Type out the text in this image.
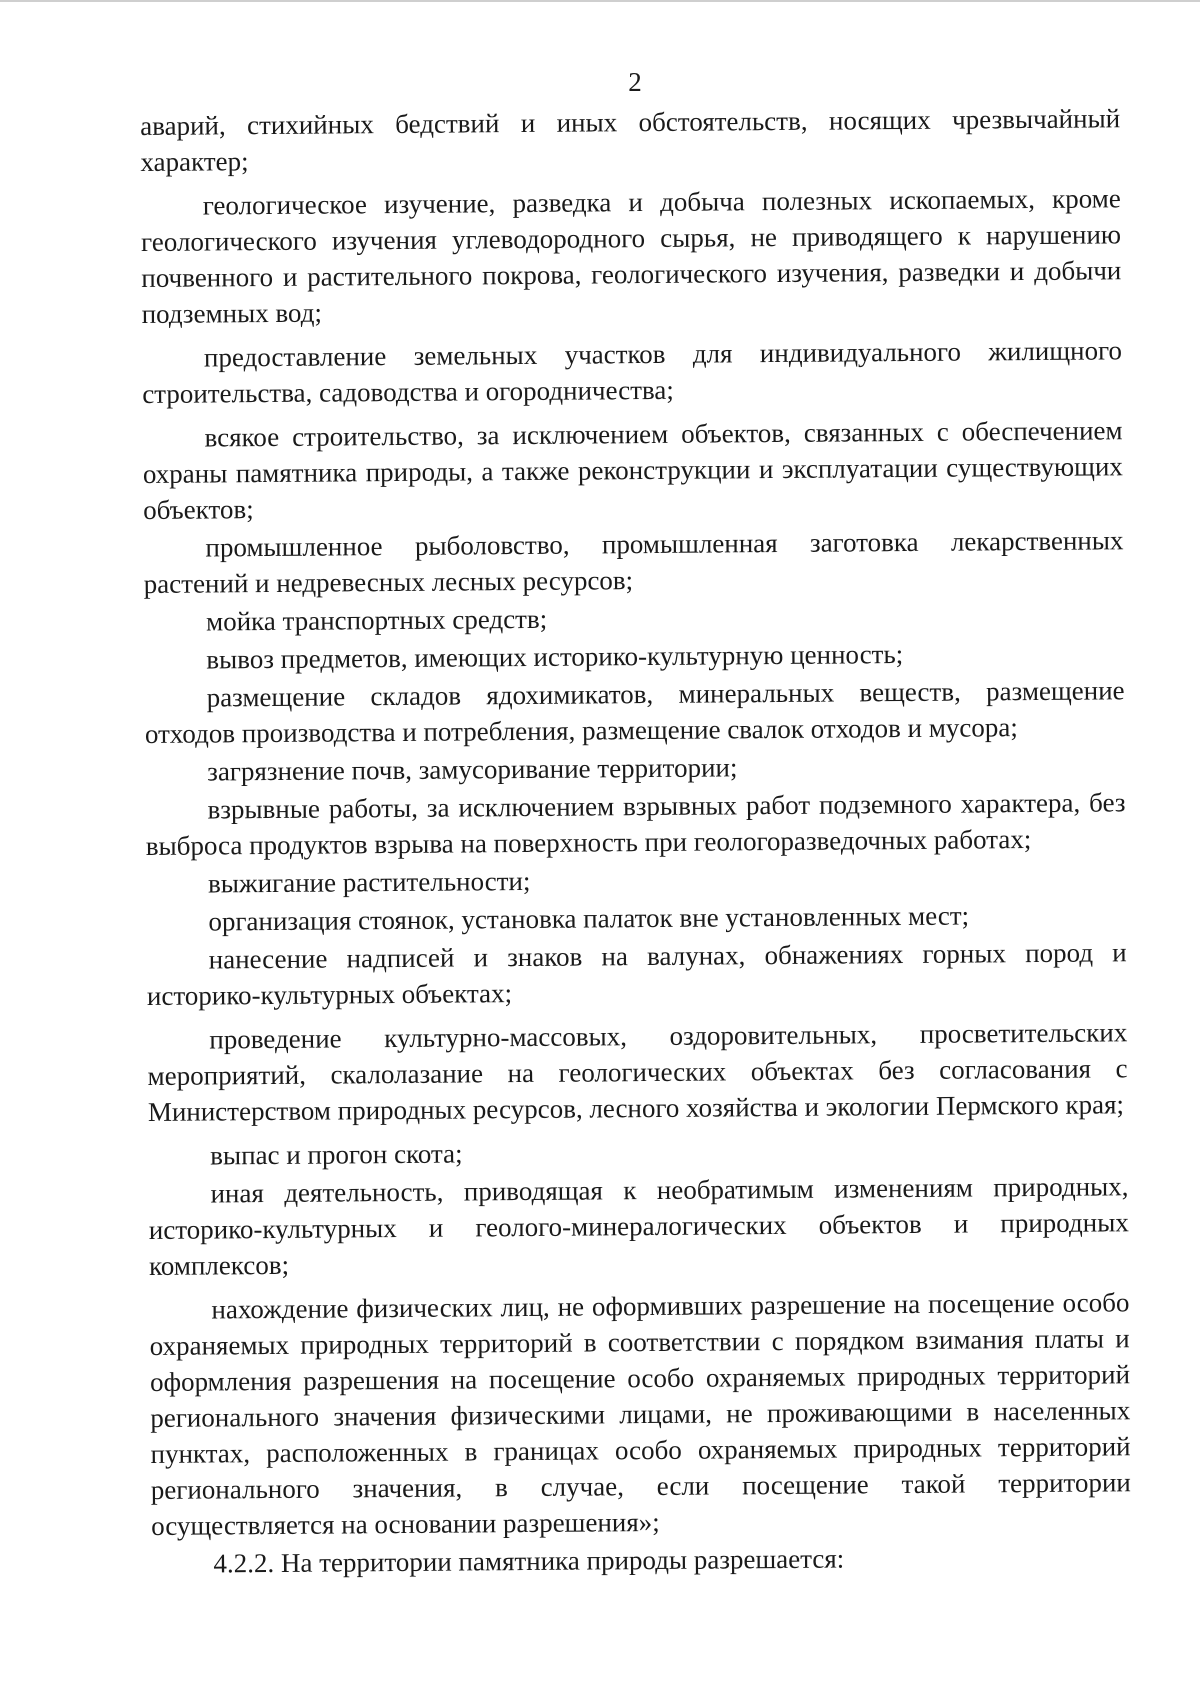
2

аварий, стихийных бедствий и иных обстоятельств, носящих чрезвычайный характер;

геологическое изучение, разведка и добыча полезных ископаемых, кроме геологического изучения углеводородного сырья, не приводящего к нарушению почвенного и растительного покрова, геологического изучения, разведки и добычи подземных вод;

предоставление земельных участков для индивидуального жилищного строительства, садоводства и огородничества;

всякое строительство, за исключением объектов, связанных с обеспечением охраны памятника природы, а также реконструкции и эксплуатации существующих объектов;

промышленное рыболовство, промышленная заготовка лекарственных растений и недревесных лесных ресурсов;

мойка транспортных средств;

вывоз предметов, имеющих историко-культурную ценность;

размещение складов ядохимикатов, минеральных веществ, размещение отходов производства и потребления, размещение свалок отходов и мусора;

загрязнение почв, замусоривание территории;

взрывные работы, за исключением взрывных работ подземного характера, без выброса продуктов взрыва на поверхность при геологоразведочных работах;

выжигание растительности;

организация стоянок, установка палаток вне установленных мест;

нанесение надписей и знаков на валунах, обнажениях горных пород и историко-культурных объектах;

проведение культурно-массовых, оздоровительных, просветительских мероприятий, скалолазание на геологических объектах без согласования с Министерством природных ресурсов, лесного хозяйства и экологии Пермского края;

выпас и прогон скота;

иная деятельность, приводящая к необратимым изменениям природных, историко-культурных и геолого-минералогических объектов и природных комплексов;

нахождение физических лиц, не оформивших разрешение на посещение особо охраняемых природных территорий в соответствии с порядком взимания платы и оформления разрешения на посещение особо охраняемых природных территорий регионального значения физическими лицами, не проживающими в населенных пунктах, расположенных в границах особо охраняемых природных территорий регионального значения, в случае, если посещение такой территории осуществляется на основании разрешения»;

4.2.2. На территории памятника природы разрешается:
